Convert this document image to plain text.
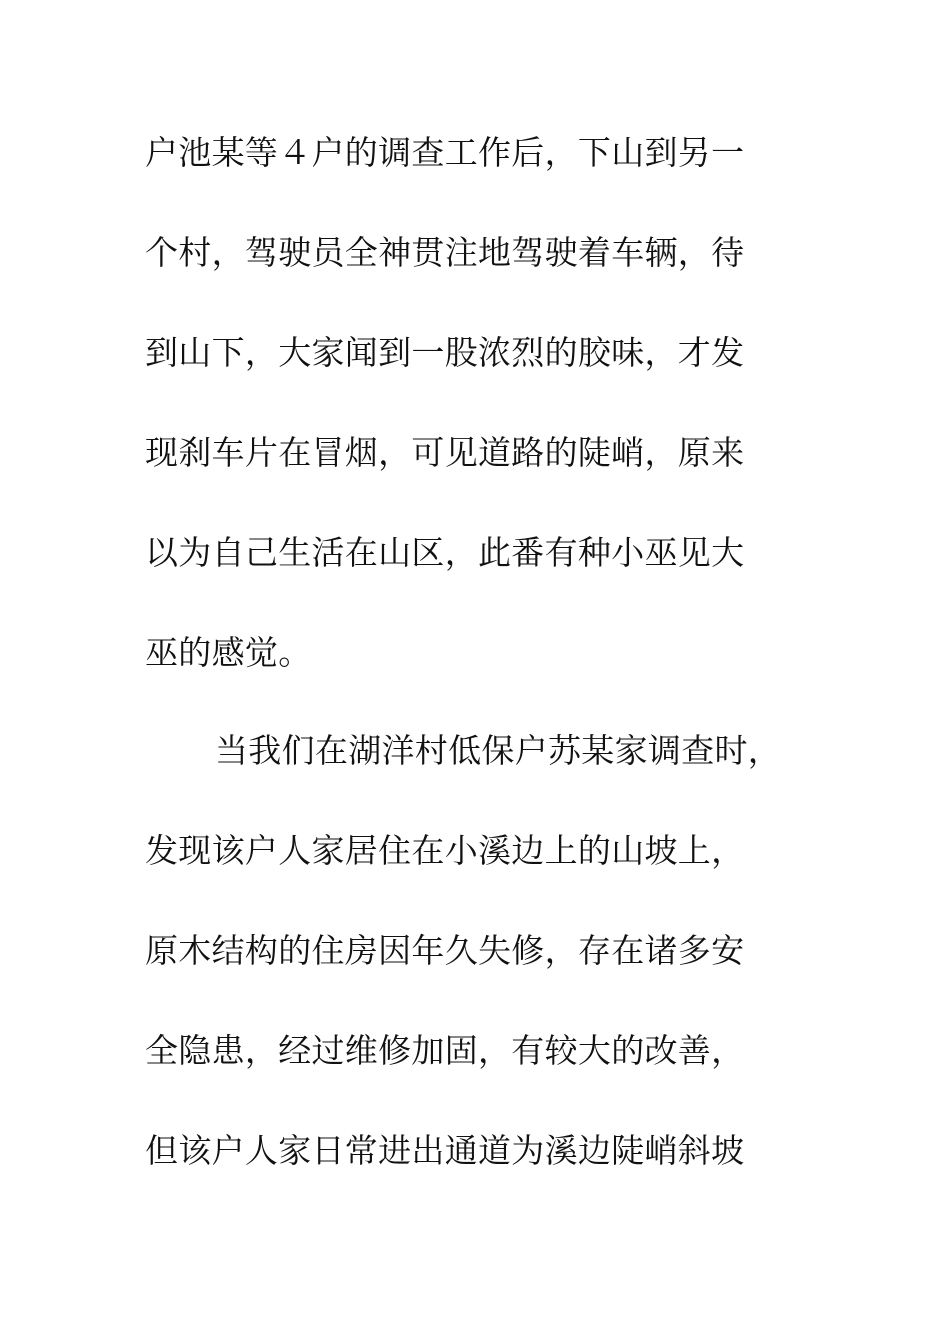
户池某等４户的调查工作后，下山到另一
个村，驾驶员全神贯注地驾驶着车辆，待
到山下，大家闻到一股浓烈的胶味，才发
现刹车片在冒烟，可见道路的陡峭，原来
以为自己生活在山区，此番有种小巫见大
巫的感觉。
当我们在湖洋村低保户苏某家调查时，
发现该户人家居住在小溪边上的山坡上，
原木结构的住房因年久失修，存在诸多安
全隐患，经过维修加固，有较大的改善，
但该户人家日常进出通道为溪边陡峭斜坡
